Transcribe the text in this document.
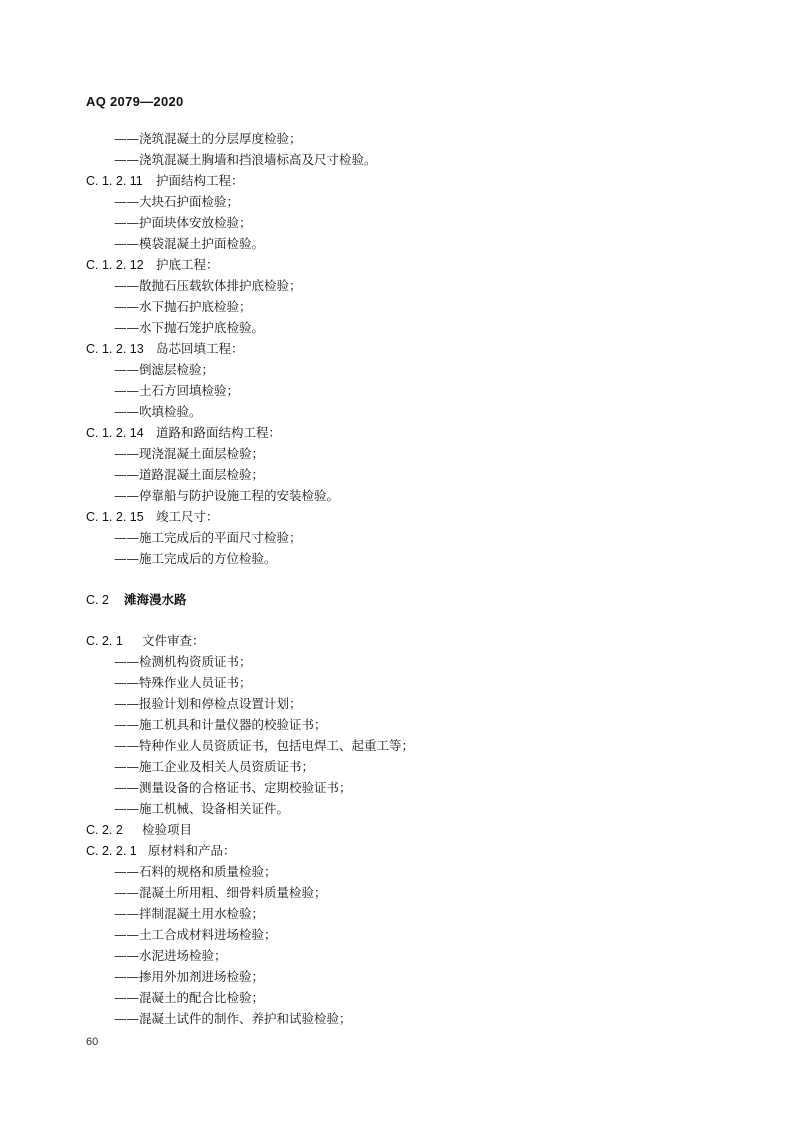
AQ 2079—2020
——浇筑混凝土的分层厚度检验；
——浇筑混凝土胸墙和挡浪墙标高及尺寸检验。
C. 1. 2. 11 护面结构工程：
——大块石护面检验；
——护面块体安放检验；
——模袋混凝土护面检验。
C. 1. 2. 12 护底工程：
——散抛石压载软体排护底检验；
——水下抛石护底检验；
——水下抛石笼护底检验。
C. 1. 2. 13 岛芯回填工程：
——倒滤层检验；
——土石方回填检验；
——吹填检验。
C. 1. 2. 14 道路和路面结构工程：
——现浇混凝土面层检验；
——道路混凝土面层检验；
——停靠船与防护设施工程的安装检验。
C. 1. 2. 15 竣工尺寸：
——施工完成后的平面尺寸检验；
——施工完成后的方位检验。
C. 2 滩海漫水路
C. 2. 1 文件审查：
——检测机构资质证书；
——特殊作业人员证书；
——报验计划和停检点设置计划；
——施工机具和计量仪器的校验证书；
——特种作业人员资质证书，包括电焊工、起重工等；
——施工企业及相关人员资质证书；
——测量设备的合格证书、定期校验证书；
——施工机械、设备相关证件。
C. 2. 2 检验项目
C. 2. 2. 1 原材料和产品：
——石料的规格和质量检验；
——混凝土所用粗、细骨料质量检验；
——拌制混凝土用水检验；
——土工合成材料进场检验；
——水泥进场检验；
——掺用外加剂进场检验；
——混凝土的配合比检验；
——混凝土试件的制作、养护和试验检验；
60
